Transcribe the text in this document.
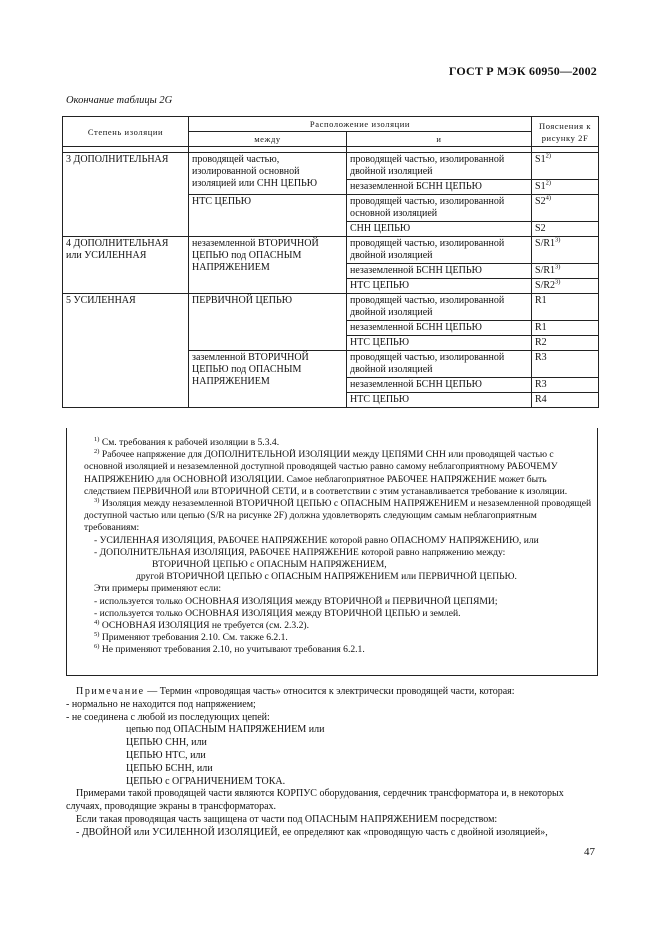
ГОСТ Р МЭК 60950—2002
Окончание таблицы 2G
Степень изоляции	Расположение изоляции		Пояснения к рисунку 2F
	между	и	

3 ДОПОЛНИТЕЛЬНАЯ	проводящей частью, изолированной основной изоляцией или СНН ЦЕПЬЮ	проводящей частью, изолированной двойной изоляцией	S1$^{2)}$
		незаземленной БСНН ЦЕПЬЮ	S1$^{2)}$
	НТС ЦЕПЬЮ	проводящей частью, изолированной основной изоляцией	S2$^{4)}$
		СНН ЦЕПЬЮ	S2
4 ДОПОЛНИТЕЛЬНАЯ или УСИЛЕННАЯ	незаземленной ВТОРИЧНОЙ ЦЕПЬЮ под ОПАСНЫМ НАПРЯЖЕНИЕМ	проводящей частью, изолированной двойной изоляцией	S/R1$^{3)}$
		незаземленной БСНН ЦЕПЬЮ	S/R1$^{3)}$
		НТС ЦЕПЬЮ	S/R2$^{3)}$
5 УСИЛЕННАЯ	ПЕРВИЧНОЙ ЦЕПЬЮ	проводящей частью, изолированной двойной изоляцией	R1
		незаземленной БСНН ЦЕПЬЮ	R1
		НТС ЦЕПЬЮ	R2
	заземленной ВТОРИЧНОЙ ЦЕПЬЮ под ОПАСНЫМ НАПРЯЖЕНИЕМ	проводящей частью, изолированной двойной изоляцией	R3
		незаземленной БСНН ЦЕПЬЮ	R3
		НТС ЦЕПЬЮ	R4

$^{1)}$ См. требования к рабочей изоляции в 5.3.4.

$^{2)}$ Рабочее напряжение для ДОПОЛНИТЕЛЬНОЙ ИЗОЛЯЦИИ между ЦЕПЯМИ СНН или проводящей частью с основной изоляцией и незаземленной доступной проводящей частью равно самому неблагоприятному РАБОЧЕМУ НАПРЯЖЕНИЮ для ОСНОВНОЙ ИЗОЛЯЦИИ. Самое неблагоприятное РАБОЧЕЕ НАПРЯЖЕНИЕ может быть следствием ПЕРВИЧНОЙ или ВТОРИЧНОЙ СЕТИ, и в соответствии с этим устанавливается требование к изоляции.

$^{3)}$ Изоляция между незаземленной ВТОРИЧНОЙ ЦЕПЬЮ с ОПАСНЫМ НАПРЯЖЕНИЕМ и незаземленной проводящей доступной частью или цепью (S/R на рисунке 2F) должна удовлетворять следующим самым неблагоприятным требованиям:

- УСИЛЕННАЯ ИЗОЛЯЦИЯ, РАБОЧЕЕ НАПРЯЖЕНИЕ которой равно ОПАСНОМУ НАПРЯЖЕНИЮ, или

- ДОПОЛНИТЕЛЬНАЯ ИЗОЛЯЦИЯ, РАБОЧЕЕ НАПРЯЖЕНИЕ которой равно напряжению между:

ВТОРИЧНОЙ ЦЕПЬЮ с ОПАСНЫМ НАПРЯЖЕНИЕМ,

другой ВТОРИЧНОЙ ЦЕПЬЮ с ОПАСНЫМ НАПРЯЖЕНИЕМ или ПЕРВИЧНОЙ ЦЕПЬЮ.

Эти примеры применяют если:

- используется только ОСНОВНАЯ ИЗОЛЯЦИЯ между ВТОРИЧНОЙ и ПЕРВИЧНОЙ ЦЕПЯМИ;

- используется только ОСНОВНАЯ ИЗОЛЯЦИЯ между ВТОРИЧНОЙ ЦЕПЬЮ и землей.

$^{4)}$ ОСНОВНАЯ ИЗОЛЯЦИЯ не требуется (см. 2.3.2).

$^{5)}$ Применяют требования 2.10. См. также 6.2.1.

$^{6)}$ Не применяют требования 2.10, но учитывают требования 6.2.1.

Примечание — Термин «проводящая часть» относится к электрически проводящей части, которая:

- нормально не находится под напряжением;

- не соединена с любой из последующих цепей:

цепью под ОПАСНЫМ НАПРЯЖЕНИЕМ или

ЦЕПЬЮ СНН, или

ЦЕПЬЮ НТС, или

ЦЕПЬЮ БСНН, или

ЦЕПЬЮ с ОГРАНИЧЕНИЕМ ТОКА.

Примерами такой проводящей части являются КОРПУС оборудования, сердечник трансформатора и, в некоторых случаях, проводящие экраны в трансформаторах.

Если такая проводящая часть защищена от части под ОПАСНЫМ НАПРЯЖЕНИЕМ посредством:

- ДВОЙНОЙ или УСИЛЕННОЙ ИЗОЛЯЦИЕЙ, ее определяют как «проводящую часть с двойной изоляцией»,

47
